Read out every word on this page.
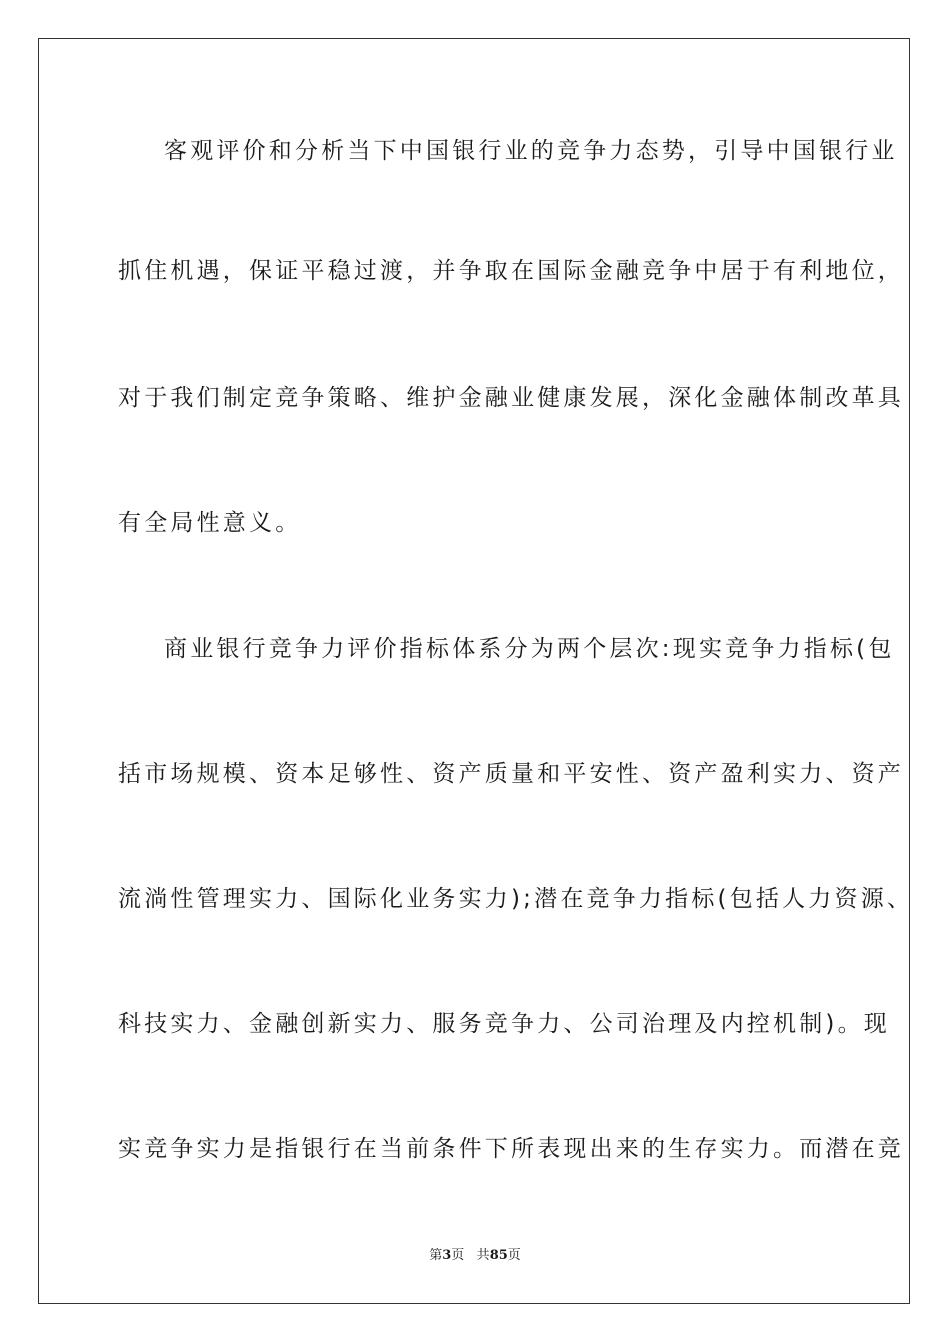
客观评价和分析当下中国银行业的竞争力态势，引导中国银行业
抓住机遇，保证平稳过渡，并争取在国际金融竞争中居于有利地位，
对于我们制定竞争策略、维护金融业健康发展，深化金融体制改革具
有全局性意义。
商业银行竞争力评价指标体系分为两个层次:现实竞争力指标(包
括市场规模、资本足够性、资产质量和平安性、资产盈利实力、资产
流淌性管理实力、国际化业务实力);潜在竞争力指标(包括人力资源、
科技实力、金融创新实力、服务竞争力、公司治理及内控机制)。现
实竞争实力是指银行在当前条件下所表现出来的生存实力。而潜在竞
第3页 共85页
